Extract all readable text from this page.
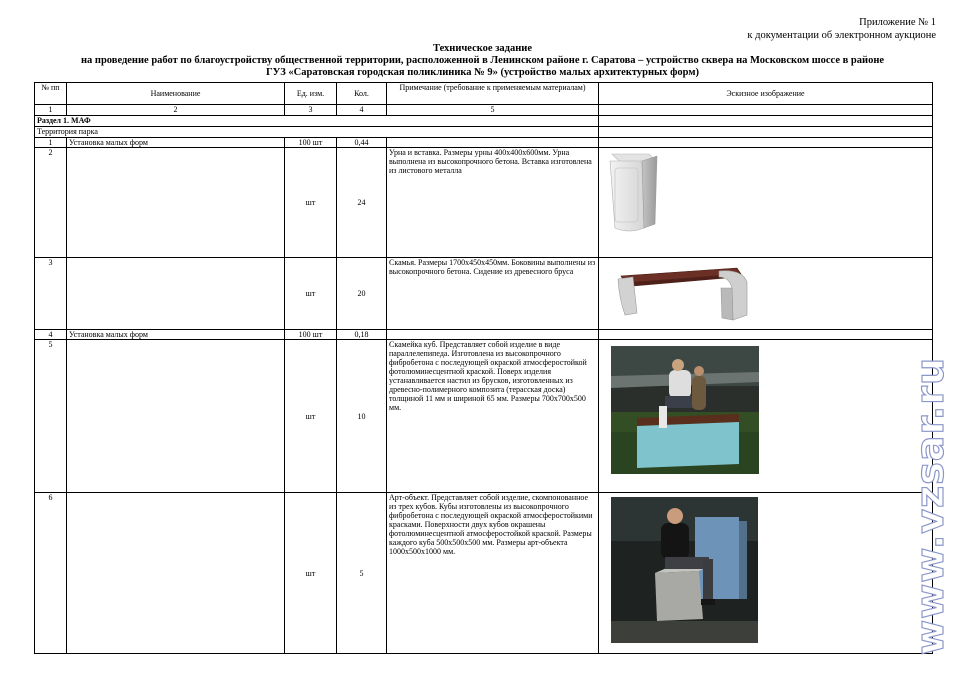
Приложение № 1
к документации об электронном аукционе
Техническое задание
на проведение работ по благоустройству общественной территории, расположенной в Ленинском районе г. Саратова – устройство сквера на Московском шоссе в районе
ГУЗ «Саратовская городская поликлиника № 9» (устройство малых архитектурных форм)
№ пп	Наименование	Ед. изм.	Кол.	Примечание (требование к применяемым материалам)	Эскизное изображение
1	2	3	4	5	
Раздел 1. МАФ					
Территория парка					
1	Установка малых форм	100 шт	0,44		
2		шт	24	Урна и вставка. Размеры урны 400х400х600мм. Урна выполнена из высокопрочного бетона. Вставка изготовлена из листового металла	
3		шт	20	Скамья. Размеры 1700х450х450мм. Боковины выполнены из высокопрочного бетона. Сидение из древесного бруса	
4	Установка малых форм	100 шт	0,18		
5		шт	10	Скамейка куб. Представляет собой изделие в виде параллелепипеда. Изготовлена из высокопрочного фибробетона с последующей окраской атмосферостойкой фотолюминесцентной краской. Поверх изделия устанавливается настил из брусков, изготовленных из древесно-полимерного композита (терасская доска) толщиной 11 мм и шириной 65 мм. Размеры 700х700х500 мм.	
6		шт	5	Арт-объект. Представляет собой изделие, скомпонованное из трех кубов. Кубы изготовлены из высокопрочного фибробетона с последующей окраской атмосферостойкими красками. Поверхности двух кубов окрашены фотолюминесцентной атмосферостойкой краской. Размеры каждого куба 500х500х500 мм. Размеры арт-объекта 1000х500х1000 мм.		www.vzsar.ru
